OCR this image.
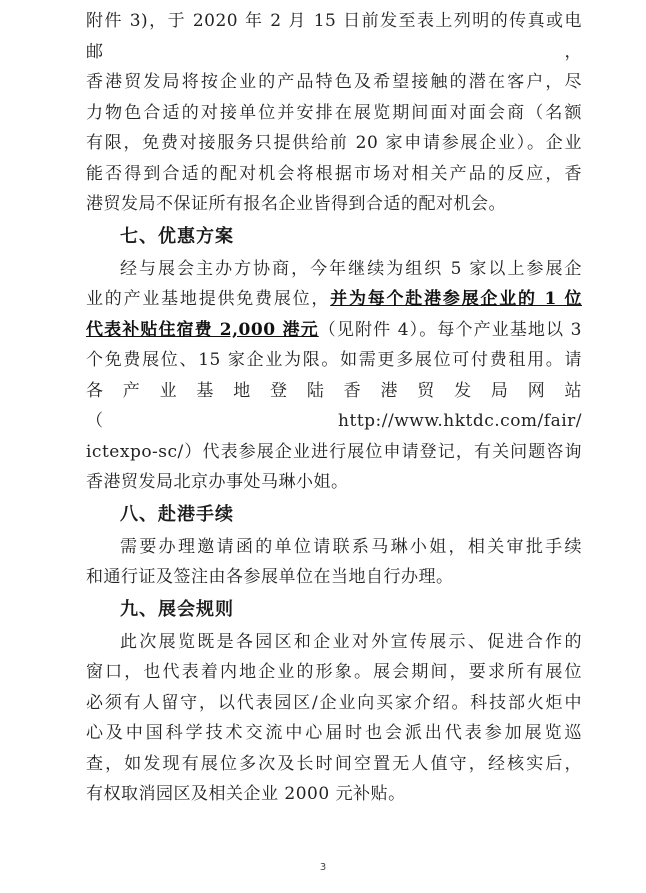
附件 3)，于 2020 年 2 月 15 日前发至表上列明的传真或电邮，

香港贸发局将按企业的产品特色及希望接触的潜在客户，尽

力物色合适的对接单位并安排在展览期间面对面会商（名额

有限，免费对接服务只提供给前 20 家申请参展企业）。企业

能否得到合适的配对机会将根据市场对相关产品的反应，香

港贸发局不保证所有报名企业皆得到合适的配对机会。

七、优惠方案

经与展会主办方协商，今年继续为组织 5 家以上参展企

业的产业基地提供免费展位，并为每个赴港参展企业的 1 位

代表补贴住宿费 2,000 港元（见附件 4）。每个产业基地以 3

个免费展位、15 家企业为限。如需更多展位可付费租用。请

各产业基地登陆香港贸发局网站（http://www.hktdc.com/fair/

ictexpo-sc/）代表参展企业进行展位申请登记，有关问题咨询

香港贸发局北京办事处马琳小姐。

八、赴港手续

需要办理邀请函的单位请联系马琳小姐，相关审批手续

和通行证及签注由各参展单位在当地自行办理。

九、展会规则

此次展览既是各园区和企业对外宣传展示、促进合作的

窗口，也代表着内地企业的形象。展会期间，要求所有展位

必须有人留守，以代表园区/企业向买家介绍。科技部火炬中

心及中国科学技术交流中心届时也会派出代表参加展览巡

查，如发现有展位多次及长时间空置无人值守，经核实后，

有权取消园区及相关企业 2000 元补贴。

3
